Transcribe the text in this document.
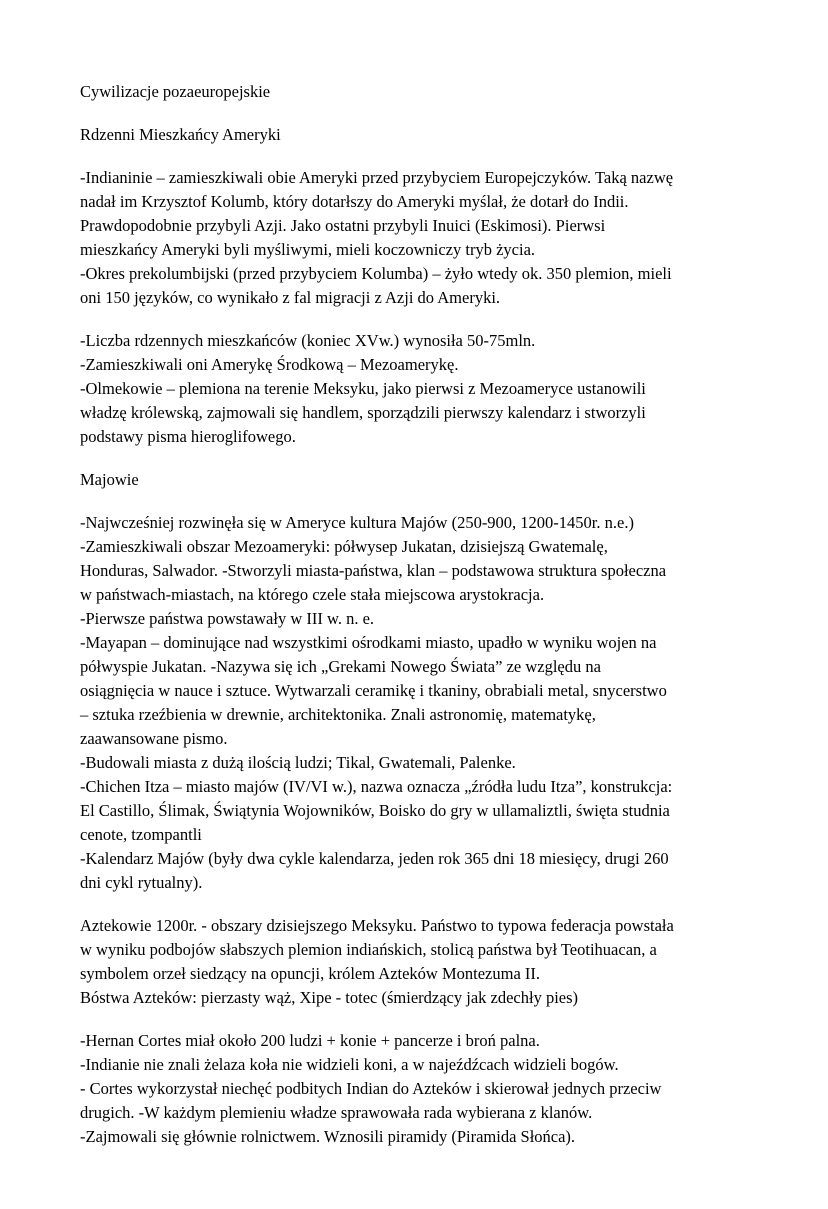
Cywilizacje pozaeuropejskie

Rdzenni Mieszkańcy Ameryki

-Indianinie – zamieszkiwali obie Ameryki przed przybyciem Europejczyków. Taką nazwę
nadał im Krzysztof Kolumb, który dotarłszy do Ameryki myślał, że dotarł do Indii.
Prawdopodobnie przybyli Azji. Jako ostatni przybyli Inuici (Eskimosi). Pierwsi
mieszkańcy Ameryki byli myśliwymi, mieli koczowniczy tryb życia.
-Okres prekolumbijski (przed przybyciem Kolumba) – żyło wtedy ok. 350 plemion, mieli
oni 150 języków, co wynikało z fal migracji z Azji do Ameryki.

-Liczba rdzennych mieszkańców (koniec XVw.) wynosiła 50-75mln.
-Zamieszkiwali oni Amerykę Środkową – Mezoamerykę.
-Olmekowie – plemiona na terenie Meksyku, jako pierwsi z Mezoameryce ustanowili
władzę królewską, zajmowali się handlem, sporządzili pierwszy kalendarz i stworzyli
podstawy pisma hieroglifowego.

Majowie

-Najwcześniej rozwinęła się w Ameryce kultura Majów (250-900, 1200-1450r. n.e.)
-Zamieszkiwali obszar Mezoameryki: półwysep Jukatan, dzisiejszą Gwatemalę,
Honduras, Salwador. -Stworzyli miasta-państwa, klan – podstawowa struktura społeczna
w państwach-miastach, na którego czele stała miejscowa arystokracja.
-Pierwsze państwa powstawały w III w. n. e.
-Mayapan – dominujące nad wszystkimi ośrodkami miasto, upadło w wyniku wojen na
półwyspie Jukatan. -Nazywa się ich „Grekami Nowego Świata” ze względu na
osiągnięcia w nauce i sztuce. Wytwarzali ceramikę i tkaniny, obrabiali metal, snycerstwo
– sztuka rzeźbienia w drewnie, architektonika. Znali astronomię, matematykę,
zaawansowane pismo.
-Budowali miasta z dużą ilością ludzi; Tikal, Gwatemali, Palenke.
-Chichen Itza – miasto majów (IV/VI w.), nazwa oznacza „źródła ludu Itza”, konstrukcja:
El Castillo, Ślimak, Świątynia Wojowników, Boisko do gry w ullamaliztli, święta studnia
cenote, tzompantli
-Kalendarz Majów (były dwa cykle kalendarza, jeden rok 365 dni 18 miesięcy, drugi 260
dni cykl rytualny).

Aztekowie 1200r. - obszary dzisiejszego Meksyku. Państwo to typowa federacja powstała
w wyniku podbojów słabszych plemion indiańskich, stolicą państwa był Teotihuacan, a
symbolem orzeł siedzący na opuncji, królem Azteków Montezuma II.
Bóstwa Azteków: pierzasty wąż, Xipe - totec (śmierdzący jak zdechły pies)

-Hernan Cortes miał około 200 ludzi + konie + pancerze i broń palna.
-Indianie nie znali żelaza koła nie widzieli koni, a w najeźdźcach widzieli bogów.
- Cortes wykorzystał niechęć podbitych Indian do Azteków i skierował jednych przeciw
drugich. -W każdym plemieniu władze sprawowała rada wybierana z klanów.
-Zajmowali się głównie rolnictwem. Wznosili piramidy (Piramida Słońca).
